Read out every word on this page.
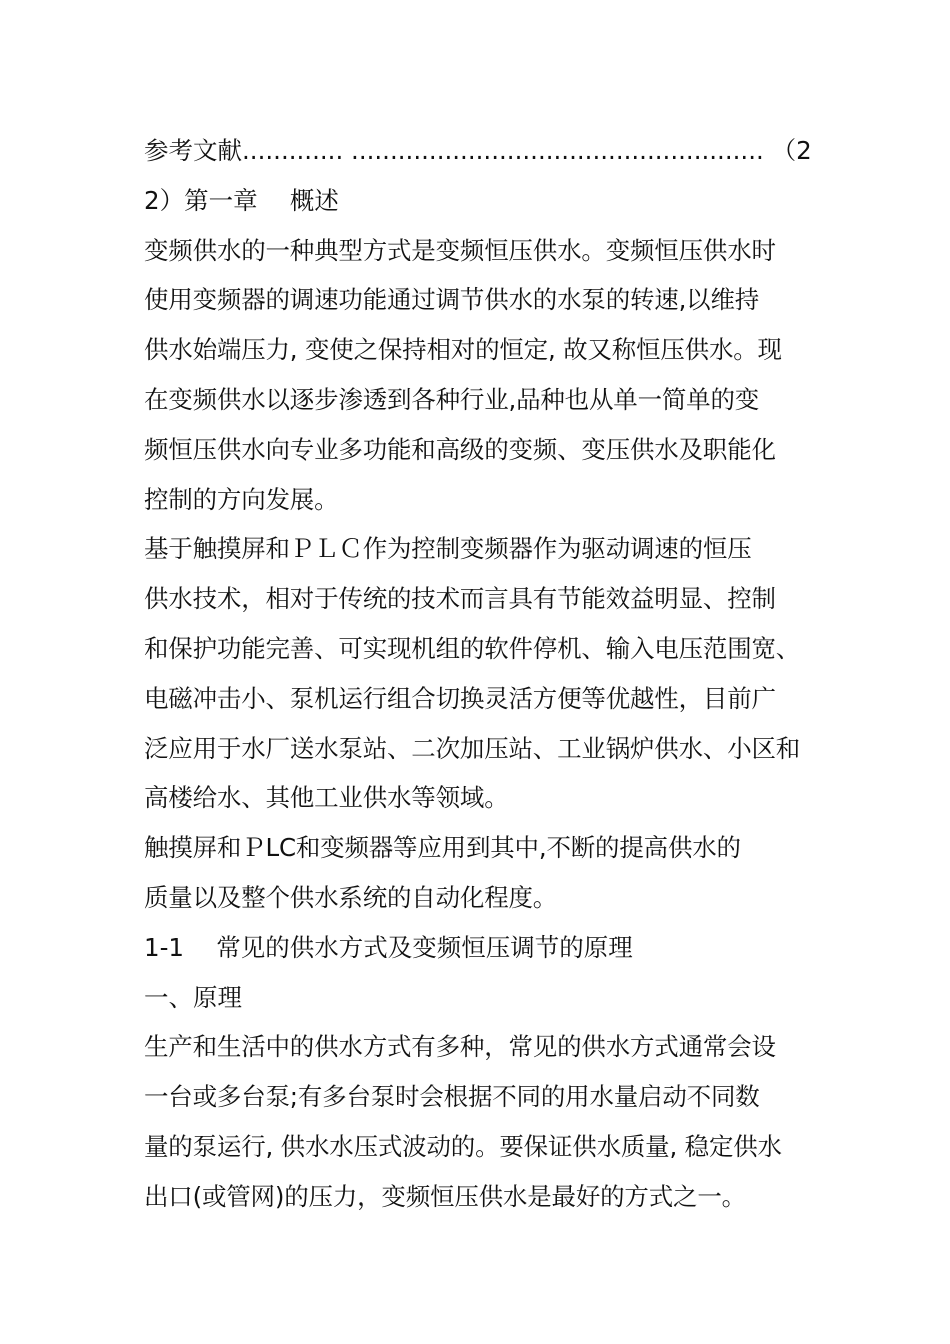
参考文献............. ..................................................... （2
2）第一章　 概述
变频供水的一种典型方式是变频恒压供水。变频恒压供水时
使用变频器的调速功能通过调节供水的水泵的转速,以维持
供水始端压力, 变使之保持相对的恒定, 故又称恒压供水。现
在变频供水以逐步渗透到各种行业,品种也从单一简单的变
频恒压供水向专业多功能和高级的变频、变压供水及职能化
控制的方向发展。
基于触摸屏和ＰＬＣ作为控制变频器作为驱动调速的恒压
供水技术，相对于传统的技术而言具有节能效益明显、控制
和保护功能完善、可实现机组的软件停机、输入电压范围宽、
电磁冲击小、泵机运行组合切换灵活方便等优越性，目前广
泛应用于水厂送水泵站、二次加压站、工业锅炉供水、小区和
高楼给水、其他工业供水等领域。
触摸屏和ＰLC和变频器等应用到其中,不断的提高供水的
质量以及整个供水系统的自动化程度。
1-1　 常见的供水方式及变频恒压调节的原理
一、原理
生产和生活中的供水方式有多种，常见的供水方式通常会设
一台或多台泵;有多台泵时会根据不同的用水量启动不同数
量的泵运行, 供水水压式波动的。要保证供水质量, 稳定供水
出口(或管网)的压力，变频恒压供水是最好的方式之一。
